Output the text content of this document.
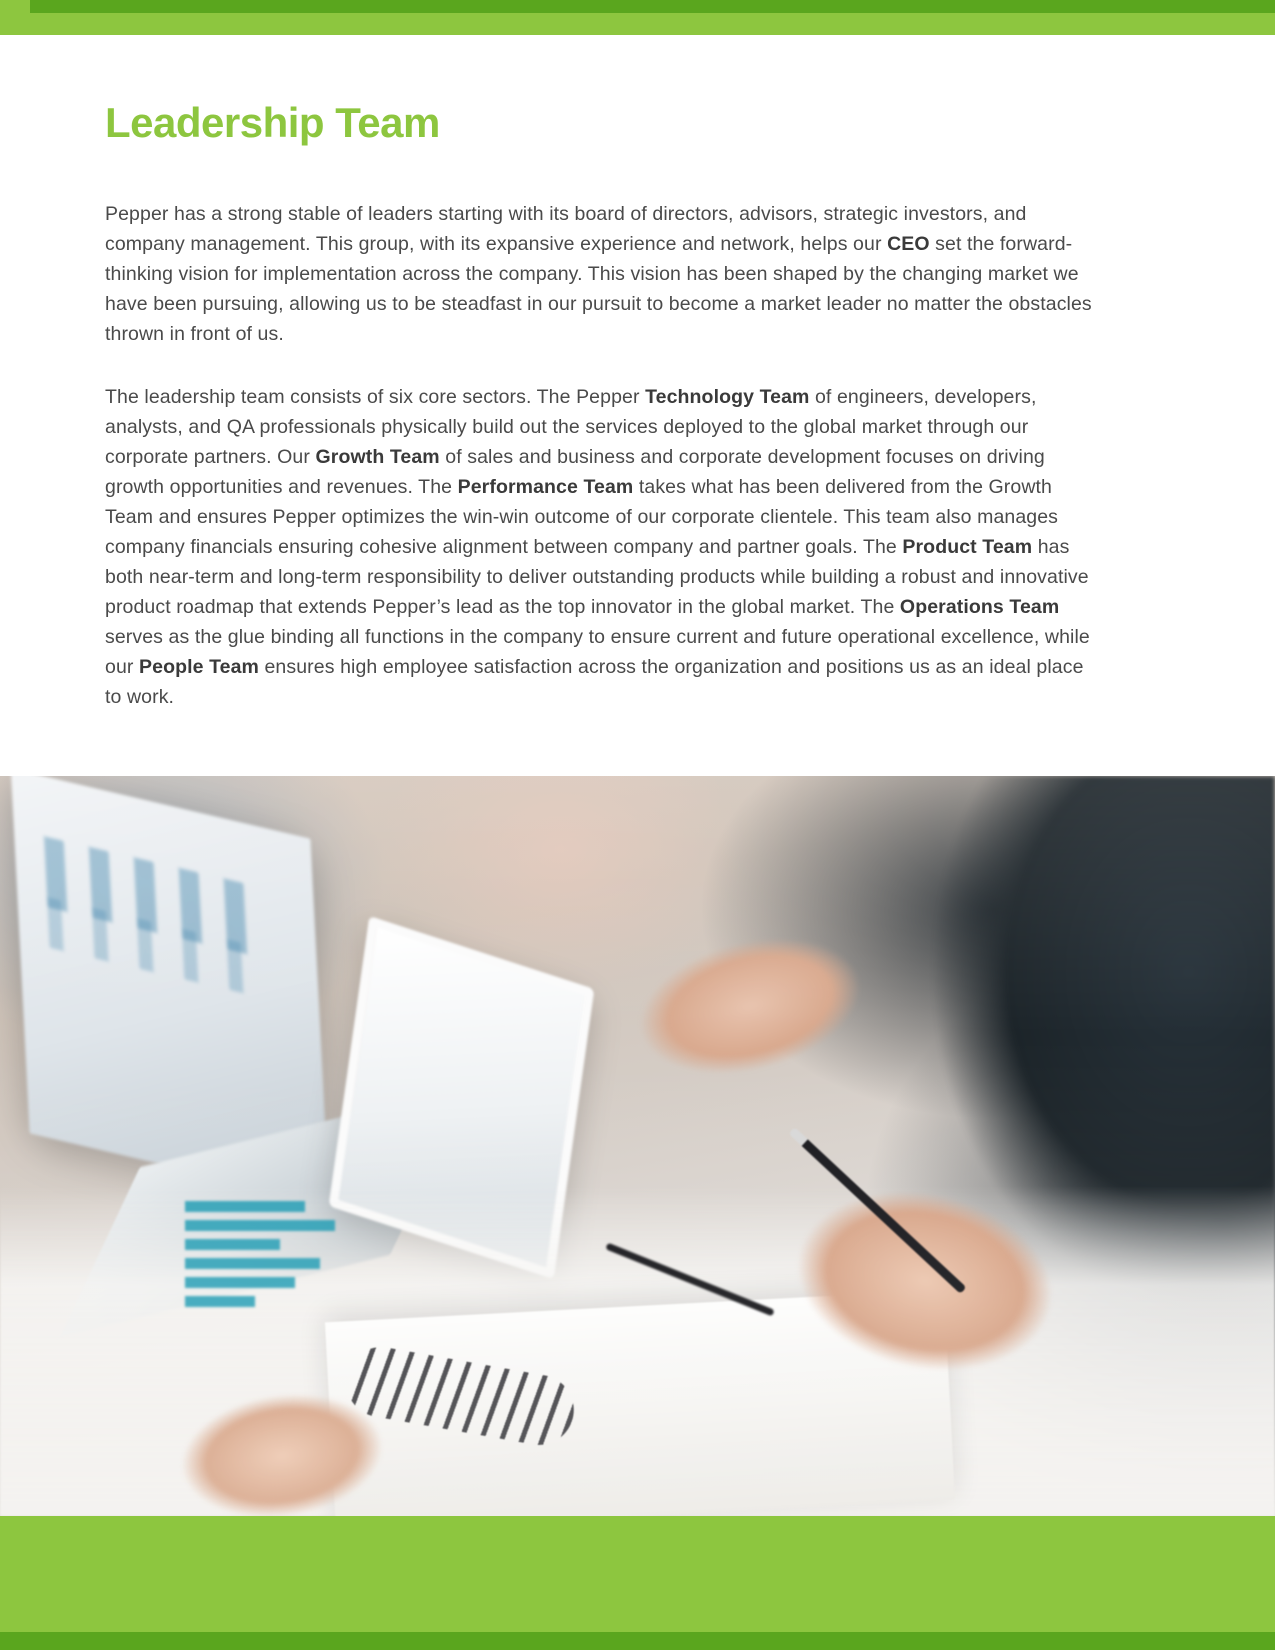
Leadership Team

Pepper has a strong stable of leaders starting with its board of directors, advisors, strategic investors, and company management. This group, with its expansive experience and network, helps our CEO set the forward-thinking vision for implementation across the company. This vision has been shaped by the changing market we have been pursuing, allowing us to be steadfast in our pursuit to become a market leader no matter the obstacles thrown in front of us.

The leadership team consists of six core sectors. The Pepper Technology Team of engineers, developers, analysts, and QA professionals physically build out the services deployed to the global market through our corporate partners. Our Growth Team of sales and business and corporate development focuses on driving growth opportunities and revenues. The Performance Team takes what has been delivered from the Growth Team and ensures Pepper optimizes the win-win outcome of our corporate clientele. This team also manages company financials ensuring cohesive alignment between company and partner goals. The Product Team has both near-term and long-term responsibility to deliver outstanding products while building a robust and innovative product roadmap that extends Pepper’s lead as the top innovator in the global market. The Operations Team serves as the glue binding all functions in the company to ensure current and future operational excellence, while our People Team ensures high employee satisfaction across the organization and positions us as an ideal place to work.
